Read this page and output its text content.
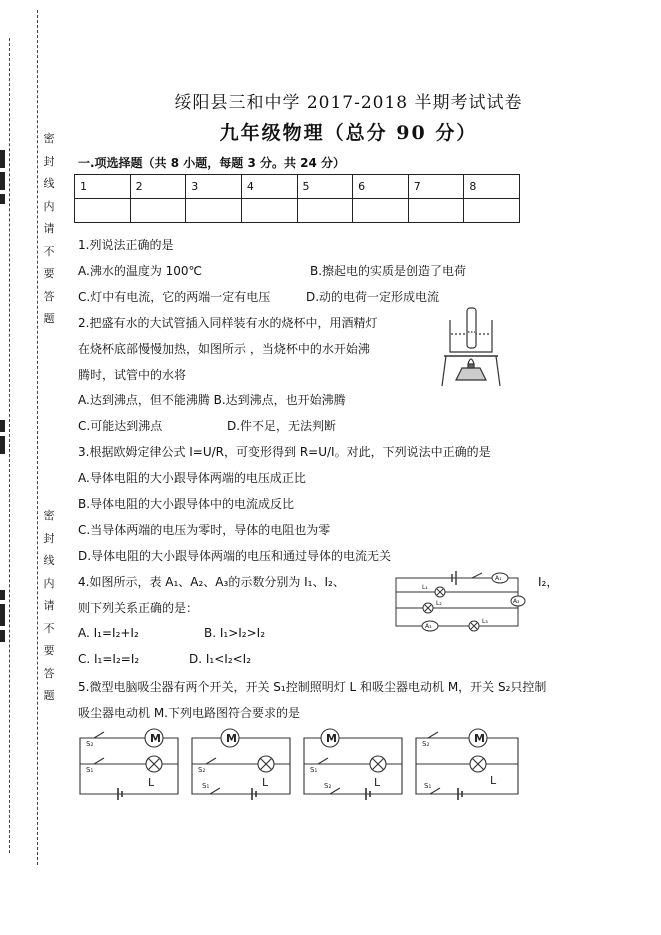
密
封
线
内
请
不
要
答
题
密
封
线
内
请
不
要
答
题
绥阳县三和中学 2017-2018 半期考试试卷
九年级物理（总分 90 分）
一.项选择题（共 8 小题，每题 3 分。共 24 分）
1	2	3	4	5	6	7	8

1.列说法正确的是
A.沸水的温度为 100℃	B.擦起电的实质是创造了电荷
C.灯中有电流，它的两端一定有电压	D.动的电荷一定形成电流
2.把盛有水的大试管插入同样装有水的烧杯中，用酒精灯
在烧杯底部慢慢加热，如图所示 ，当烧杯中的水开始沸
腾时，试管中的水将
A.达到沸点，但不能沸腾 B.达到沸点，也开始沸腾
C.可能达到沸点	D.件不足，无法判断
3.根据欧姆定律公式 I=U/R，可变形得到 R=U/I。对此，下列说法中正确的是
A.导体电阻的大小跟导体两端的电压成正比
B.导体电阻的大小跟导体中的电流成反比
C.当导体两端的电压为零时，导体的电阻也为零
D.导体电阻的大小跟导体两端的电压和通过导体的电流无关
4.如图所示，表 A₁、A₂、A₃的示数分别为 I₁、I₂、	I₂，
则下列关系正确的是：
A. I₁=I₂+I₂	B. I₁>I₂>I₂
C. I₁=I₂=I₂	D. I₁<I₂<I₂
A₁
A₂
A₃
L₁
L₂
L₃
5.微型电脑吸尘器有两个开关，开关 S₁控制照明灯 L 和吸尘器电动机 M，开关 S₂只控制
吸尘器电动机 M.下列电路图符合要求的是
M
L
S₂
S₁
M
L
S₂
S₁
M
L
S₁
S₂
M
L
S₂
S₁
